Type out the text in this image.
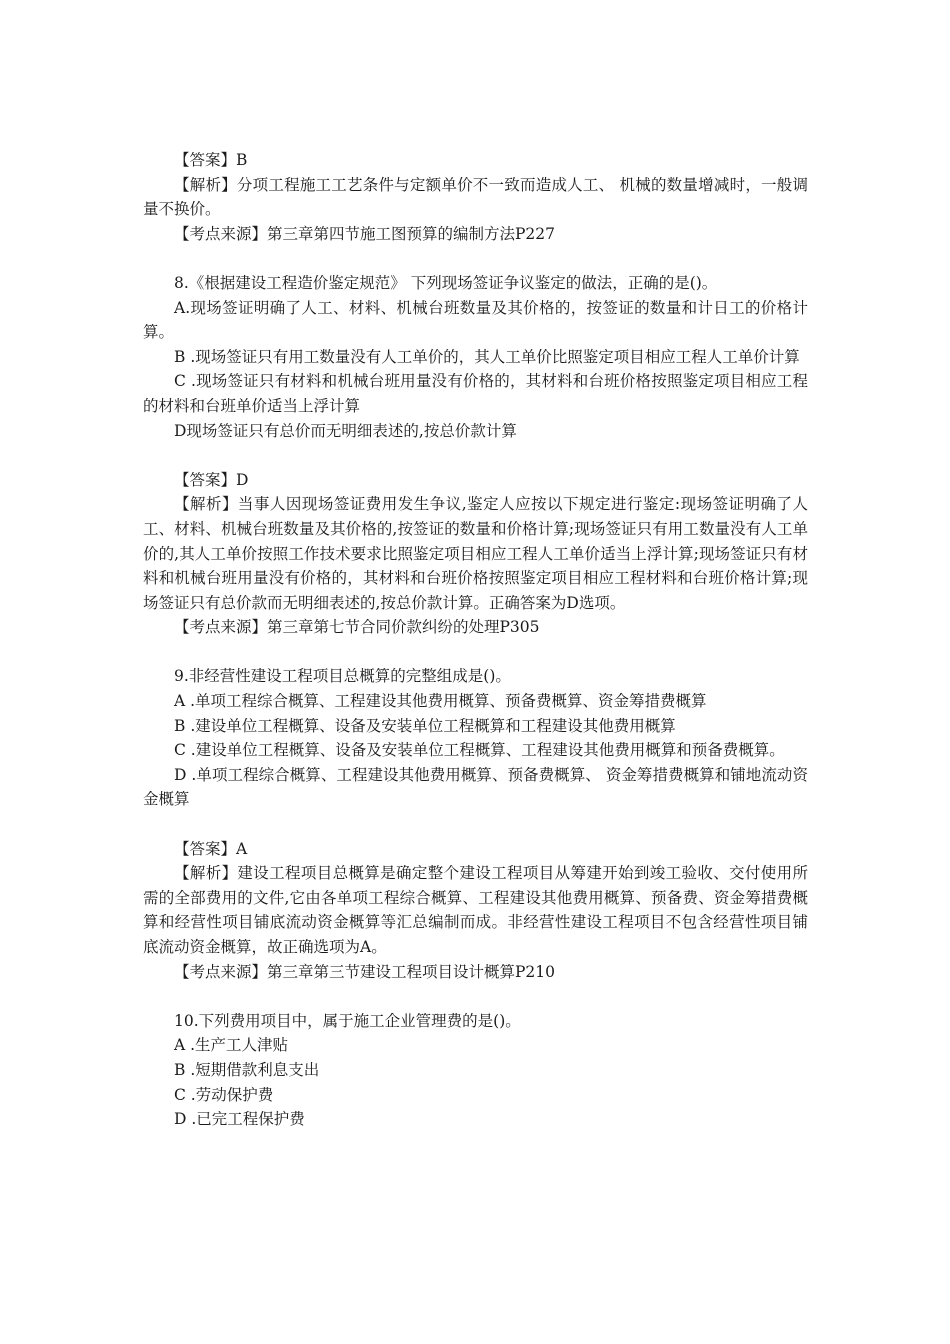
【答案】B

【解析】分项工程施工工艺条件与定额单价不一致而造成人工、 机械的数量增减时，一般调量不换价。

【考点来源】第三章第四节施工图预算的编制方法P227

8.《根据建设工程造价鉴定规范》 下列现场签证争议鉴定的做法，正确的是()。

A.现场签证明确了人工、材料、机械台班数量及其价格的，按签证的数量和计日工的价格计算。

B .现场签证只有用工数量没有人工单价的，其人工单价比照鉴定项目相应工程人工单价计算

C .现场签证只有材料和机械台班用量没有价格的，其材料和台班价格按照鉴定项目相应工程的材料和台班单价适当上浮计算

D现场签证只有总价而无明细表述的,按总价款计算

【答案】D

【解析】当事人因现场签证费用发生争议,鉴定人应按以下规定进行鉴定:现场签证明确了人工、材料、机械台班数量及其价格的,按签证的数量和价格计算;现场签证只有用工数量没有人工单价的,其人工单价按照工作技术要求比照鉴定项目相应工程人工单价适当上浮计算;现场签证只有材料和机械台班用量没有价格的，其材料和台班价格按照鉴定项目相应工程材料和台班价格计算;现场签证只有总价款而无明细表述的,按总价款计算。正确答案为D选项。

【考点来源】第三章第七节合同价款纠纷的处理P305

9.非经营性建设工程项目总概算的完整组成是()。

A .单项工程综合概算、工程建设其他费用概算、预备费概算、资金筹措费概算

B .建设单位工程概算、设备及安装单位工程概算和工程建设其他费用概算

C .建设单位工程概算、设备及安装单位工程概算、工程建设其他费用概算和预备费概算。

D .单项工程综合概算、工程建设其他费用概算、预备费概算、 资金筹措费概算和铺地流动资金概算

【答案】A

【解析】建设工程项目总概算是确定整个建设工程项目从筹建开始到竣工验收、交付使用所需的全部费用的文件,它由各单项工程综合概算、工程建设其他费用概算、预备费、资金筹措费概算和经营性项目铺底流动资金概算等汇总编制而成。非经营性建设工程项目不包含经营性项目铺底流动资金概算，故正确选项为A。

【考点来源】第三章第三节建设工程项目设计概算P210

10.下列费用项目中，属于施工企业管理费的是()。

A .生产工人津贴

B .短期借款利息支出

C .劳动保护费

D .已完工程保护费
